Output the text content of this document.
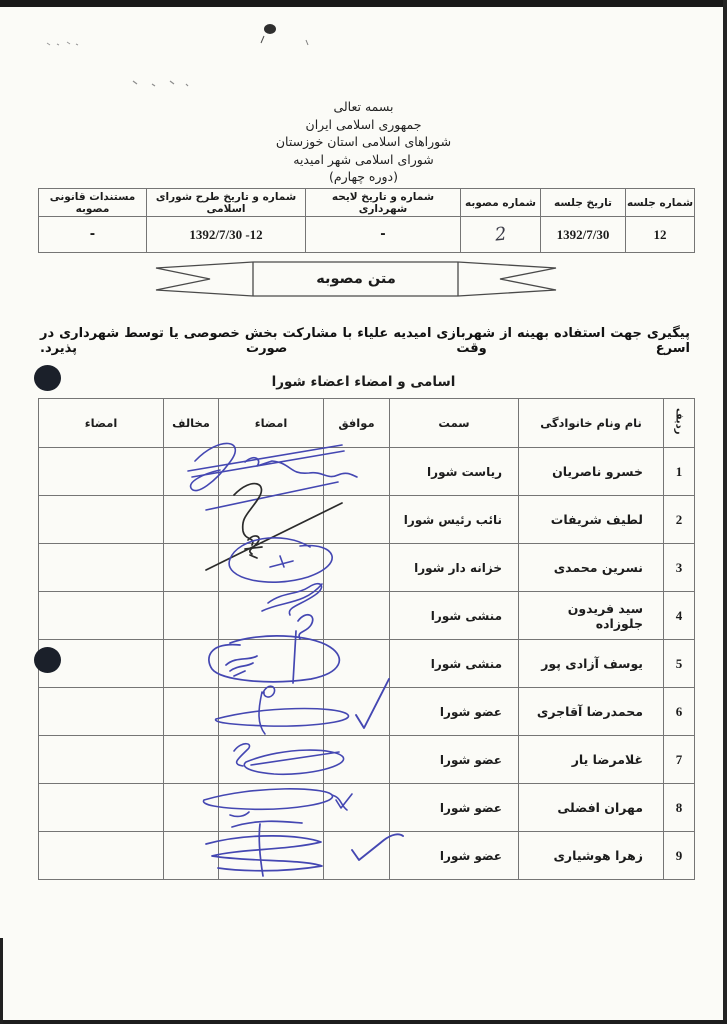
بسمه تعالی
جمهوری اسلامی ایران
شوراهای اسلامی استان خوزستان
شورای اسلامی شهر امیدیه
(دوره چهارم)
شماره جلسه	تاریخ جلسه	شماره مصوبه	شماره و تاریخ لایحه شهرداری	شماره و تاریخ طرح شورای اسلامی	مستندات قانونی مصوبه
12	1392/7/30	2	-	1392/7/30 -12	-
متن مصوبه
پیگیری جهت استفاده بهینه از شهربازی امیدیه علیاء با مشارکت بخش خصوصی یا توسط شهرداری در اسرع وقت صورت پذیرد.
اسامی و امضاء اعضاء شورا
ردیف	نام ونام خانوادگی	سمت	موافق	امضاء	مخالف	امضاء
1	خسرو ناصریان	ریاست شورا				
2	لطیف شریفات	نائب رئیس شورا				
3	نسرین محمدی	خزانه دار شورا				
4	سید فریدون جلوزاده	منشی شورا				
5	یوسف آزادی پور	منشی شورا				
6	محمدرضا آقاجری	عضو شورا				
7	غلامرضا یار	عضو شورا				
8	مهران افضلی	عضو شورا				
9	زهرا هوشیاری	عضو شورا				
